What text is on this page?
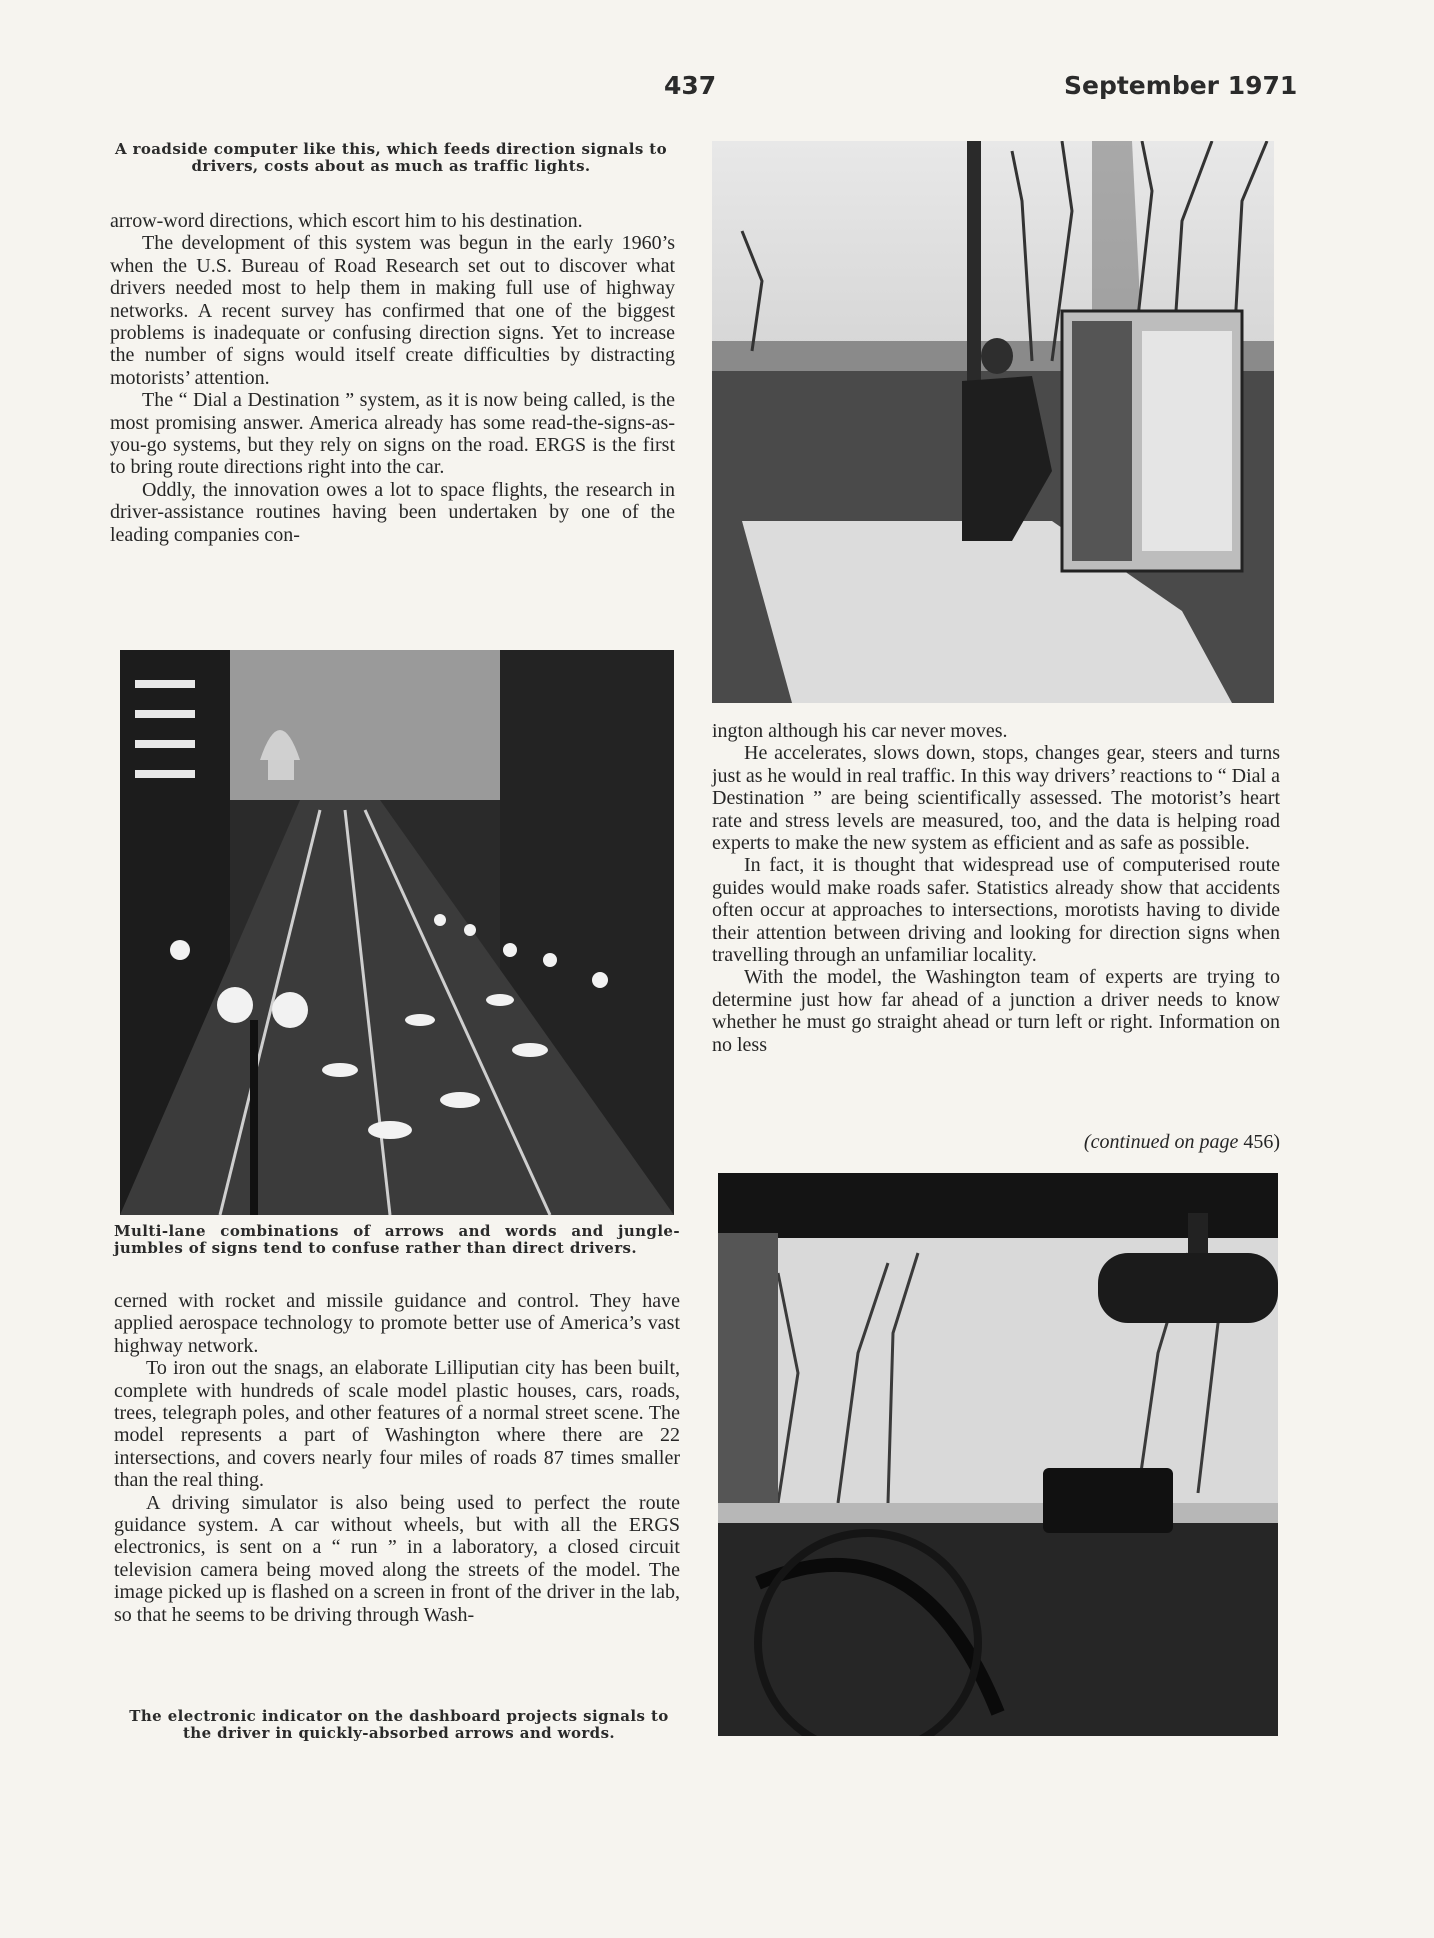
437	September 1971
A roadside computer like this, which feeds direction signals to drivers, costs about as much as traffic lights.

arrow-word directions, which escort him to his destination.

The development of this system was begun in the early 1960’s when the U.S. Bureau of Road Research set out to discover what drivers needed most to help them in making full use of highway networks. A recent survey has confirmed that one of the biggest problems is inadequate or confusing direction signs. Yet to increase the number of signs would itself create difficulties by distracting motorists’ attention.

The “ Dial a Destination ” system, as it is now being called, is the most promising answer. America already has some read-the-signs-as-you-go systems, but they rely on signs on the road. ERGS is the first to bring route directions right into the car.

Oddly, the innovation owes a lot to space flights, the research in driver-assistance routines having been undertaken by one of the leading companies con-

Multi-lane combinations of arrows and words and jungle-jumbles of signs tend to confuse rather than direct drivers.

cerned with rocket and missile guidance and control. They have applied aerospace technology to promote better use of America’s vast highway network.

To iron out the snags, an elaborate Lilliputian city has been built, complete with hundreds of scale model plastic houses, cars, roads, trees, telegraph poles, and other features of a normal street scene. The model represents a part of Washington where there are 22 intersections, and covers nearly four miles of roads 87 times smaller than the real thing.

A driving simulator is also being used to perfect the route guidance system. A car without wheels, but with all the ERGS electronics, is sent on a “ run ” in a laboratory, a closed circuit television camera being moved along the streets of the model. The image picked up is flashed on a screen in front of the driver in the lab, so that he seems to be driving through Wash-

The electronic indicator on the dashboard projects signals to the driver in quickly-absorbed arrows and words.

ington although his car never moves.

He accelerates, slows down, stops, changes gear, steers and turns just as he would in real traffic. In this way drivers’ reactions to “ Dial a Destination ” are being scientifically assessed. The motorist’s heart rate and stress levels are measured, too, and the data is helping road experts to make the new system as efficient and as safe as possible.

In fact, it is thought that widespread use of computerised route guides would make roads safer. Statistics already show that accidents often occur at approaches to intersections, morotists having to divide their attention between driving and looking for direction signs when travelling through an unfamiliar locality.

With the model, the Washington team of experts are trying to determine just how far ahead of a junction a driver needs to know whether he must go straight ahead or turn left or right. Information on no less

(continued on page 456)
